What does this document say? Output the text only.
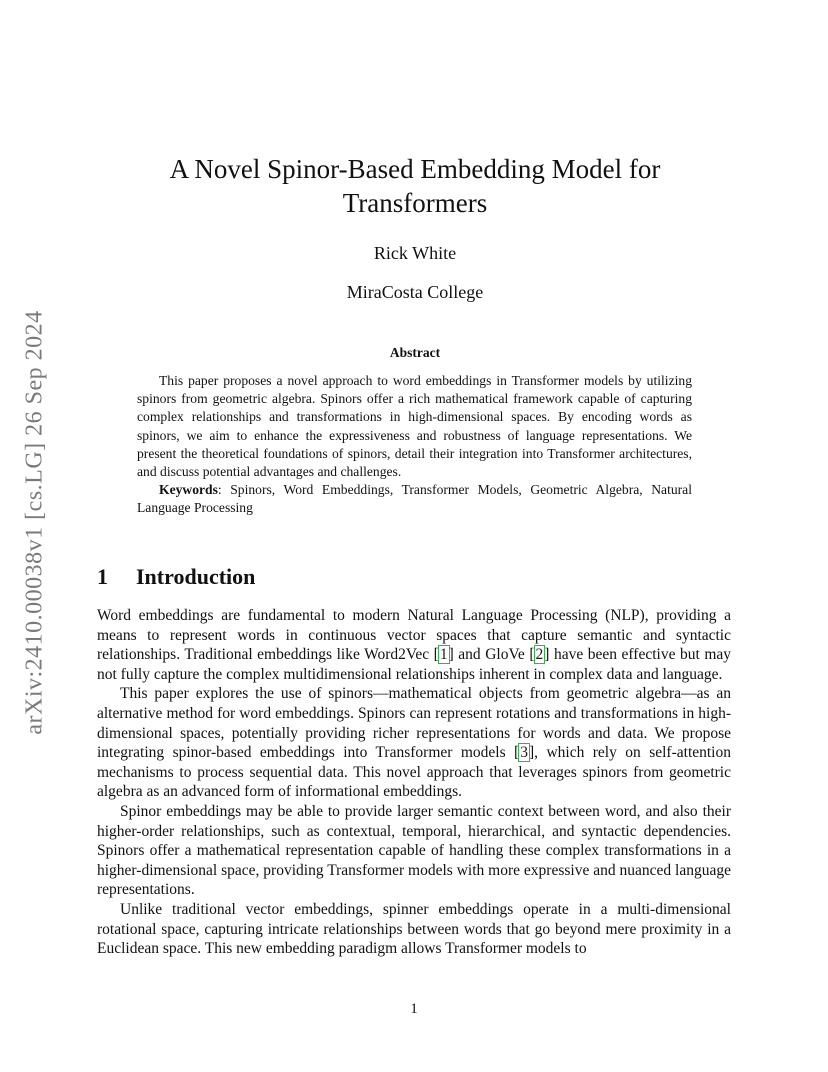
arXiv:2410.00038v1 [cs.LG] 26 Sep 2024
A Novel Spinor-Based Embedding Model for Transformers
Rick White
MiraCosta College
Abstract

This paper proposes a novel approach to word embeddings in Transformer models by utilizing spinors from geometric algebra. Spinors offer a rich mathematical framework capable of capturing complex relationships and transformations in high-dimensional spaces. By encoding words as spinors, we aim to enhance the expressiveness and robustness of language representations. We present the theoretical foundations of spinors, detail their integration into Transformer architectures, and discuss potential advantages and challenges.

Keywords: Spinors, Word Embeddings, Transformer Models, Geometric Algebra, Natural Language Processing

1 Introduction

Word embeddings are fundamental to modern Natural Language Processing (NLP), providing a means to represent words in continuous vector spaces that capture semantic and syntactic relationships. Traditional embeddings like Word2Vec [1] and GloVe [2] have been effective but may not fully capture the complex multidimensional relationships inherent in complex data and language.

This paper explores the use of spinors—mathematical objects from geometric algebra—as an alternative method for word embeddings. Spinors can represent rotations and transformations in high-dimensional spaces, potentially providing richer representations for words and data. We propose integrating spinor-based embeddings into Transformer models [3], which rely on self-attention mechanisms to process sequential data. This novel approach that leverages spinors from geometric algebra as an advanced form of informational embeddings.

Spinor embeddings may be able to provide larger semantic context between word, and also their higher-order relationships, such as contextual, temporal, hierarchical, and syntactic dependencies. Spinors offer a mathematical representation capable of handling these complex transformations in a higher-dimensional space, providing Transformer models with more expressive and nuanced language representations.

Unlike traditional vector embeddings, spinner embeddings operate in a multi-dimensional rotational space, capturing intricate relationships between words that go beyond mere proximity in a Euclidean space. This new embedding paradigm allows Transformer models to

1
